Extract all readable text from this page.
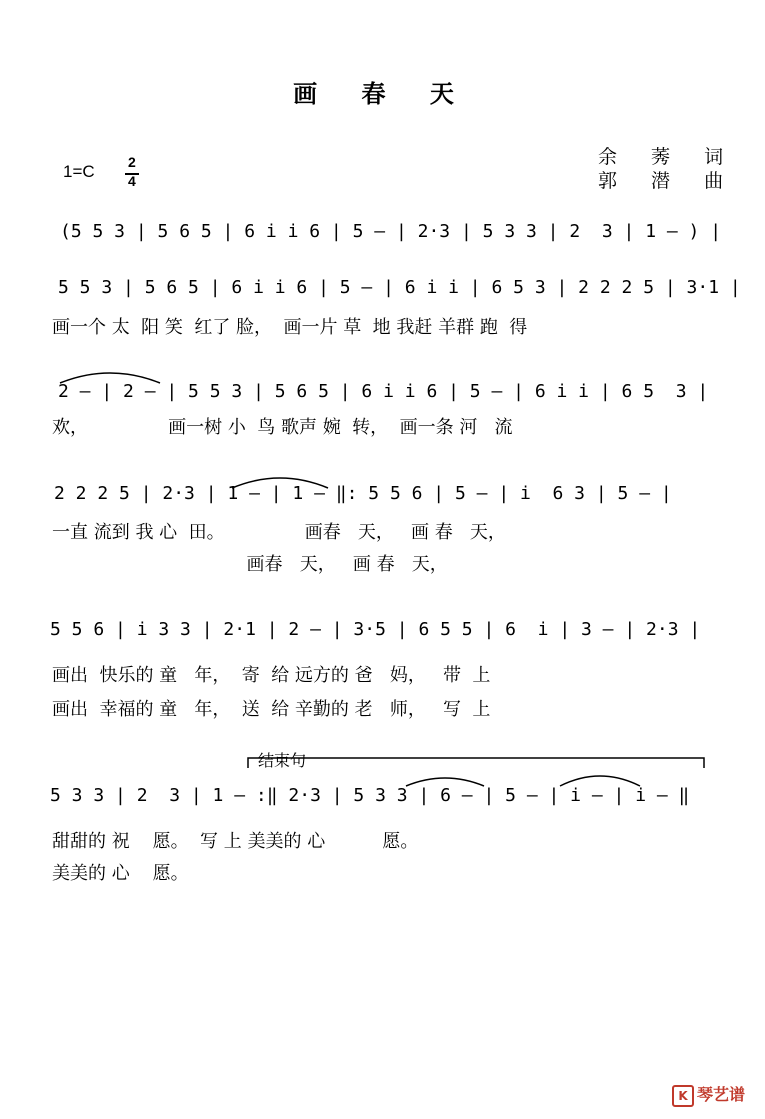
画 春 天
余 莠 词
郭 潜 曲
1=C 2
4
(5 5 3 | 5 6 5 | 6 i i 6 | 5 — | 2·3 | 5 3 3 | 2  3 | 1 — ) |
5 5 3 | 5 6 5 | 6 i i 6 | 5 — | 6 i i | 6 5 3 | 2 2 2 5 | 3·1 |
画一个 太  阳 笑  红了 脸，  画一片 草  地 我赶 羊群 跑  得
2 — | 2 — | 5 5 3 | 5 6 5 | 6 i i 6 | 5 — | 6 i i | 6 5  3 |
欢，              画一树 小  鸟 歌声 婉  转，  画一条 河   流
2 2 2 5 | 2·3 | 1 — | 1 — ‖: 5 5 6 | 5 — | i  6 3 | 5 — |
一直 流到 我 心  田。              画春   天，   画 春   天，
画春   天，   画 春   天，
5 5 6 | i 3 3 | 2·1 | 2 — | 3·5 | 6 5 5 | 6  i | 3 — | 2·3 |
画出  快乐的 童   年，  寄  给 远方的 爸   妈，   带  上
画出  幸福的 童   年，  送  给 辛勤的 老   师，   写  上
结束句
5 3 3 | 2  3 | 1 — :‖ 2·3 | 5 3 3 | 6 — | 5 — | i — | i — ‖
甜甜的 祝    愿。  写 上 美美的 心          愿。
美美的 心    愿。
K 琴艺谱
